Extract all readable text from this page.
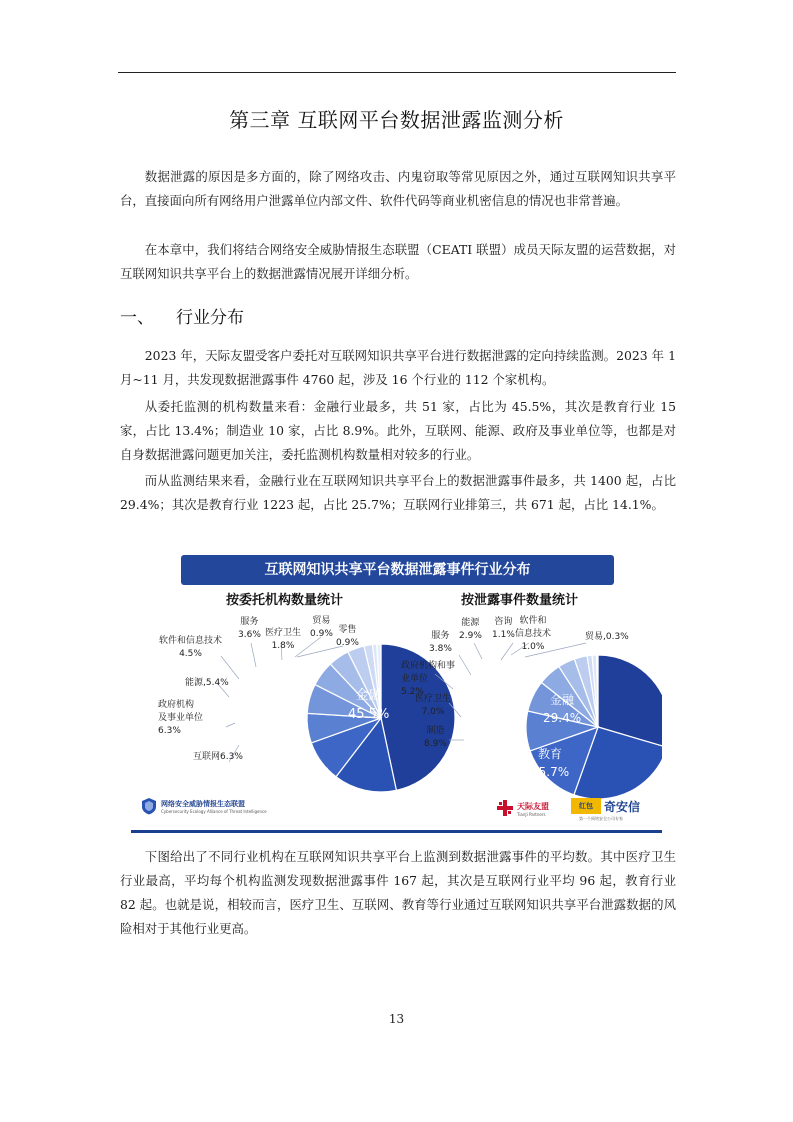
第三章 互联网平台数据泄露监测分析
数据泄露的原因是多方面的，除了网络攻击、内鬼窃取等常见原因之外，通过互联网知识共享平台，直接面向所有网络用户泄露单位内部文件、软件代码等商业机密信息的情况也非常普遍。
在本章中，我们将结合网络安全威胁情报生态联盟（CEATI 联盟）成员天际友盟的运营数据，对互联网知识共享平台上的数据泄露情况展开详细分析。
一、 行业分布
2023 年，天际友盟受客户委托对互联网知识共享平台进行数据泄露的定向持续监测。2023 年 1 月~11 月，共发现数据泄露事件 4760 起，涉及 16 个行业的 112 个家机构。
从委托监测的机构数量来看：金融行业最多，共 51 家，占比为 45.5%，其次是教育行业 15 家，占比 13.4%；制造业 10 家，占比 8.9%。此外，互联网、能源、政府及事业单位等，也都是对自身数据泄露问题更加关注，委托监测机构数量相对较多的行业。
而从监测结果来看，金融行业在互联网知识共享平台上的数据泄露事件最多，共 1400 起，占比 29.4%；其次是教育行业 1223 起，占比 25.7%；互联网行业排第三，共 671 起，占比 14.1%。
互联网知识共享平台数据泄露事件行业分布
按委托机构数量统计	按泄露事件数量统计
金融
45.5%
教育
13.4%
制造
8.9%
互联网6.3%
政府机构
及事业单位
6.3%
能源,5.4%
软件和信息技术
4.5%
服务
3.6% 医疗卫生
1.8%
贸易
0.9% 零售
0.9%
金融
29.4%
教育
25.7%
互联网
14.1%
制造
8.9%
医疗卫生
7.0%
政府机构和事
业单位
5.2%
服务
3.8%
能源
2.9%
咨询
1.1%
软件和
信息技术
1.0%
贸易,0.3%
网络安全威胁情报生态联盟
Cybersecurity Ecology Alliance of Threat Intelligence
天际友盟
TianJi Partners
红包 奇安信
第一个网络安全公司专家
下图给出了不同行业机构在互联网知识共享平台上监测到数据泄露事件的平均数。其中医疗卫生行业最高，平均每个机构监测发现数据泄露事件 167 起，其次是互联网行业平均 96 起，教育行业 82 起。也就是说，相较而言，医疗卫生、互联网、教育等行业通过互联网知识共享平台泄露数据的风险相对于其他行业更高。
13
